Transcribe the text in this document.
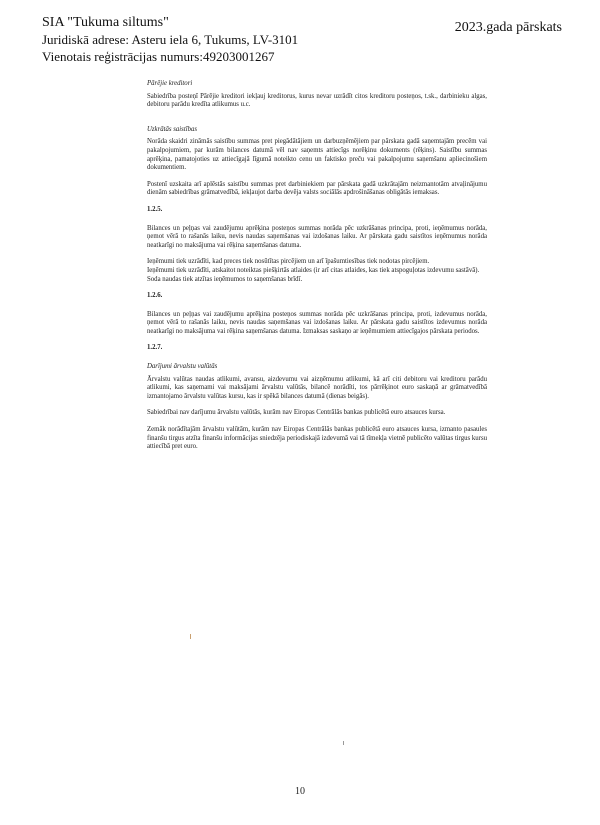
SIA "Tukuma siltums"
Juridiskā adrese: Asteru iela 6, Tukums, LV-3101
Vienotais reģistrācijas numurs:49203001267
2023.gada pārskats
Pārējie kreditori

Sabiedrība posteņī Pārējie kreditori iekļauj kreditorus, kurus nevar uzrādīt citos kreditoru posteņos, t.sk., darbinieku algas, debitoru parādu kredīta atlikumus u.c.

Uzkrātās saistības

Norāda skaidri zināmās saistību summas pret piegādātājiem un darbuzņēmējiem par pārskata gadā saņemtajām precēm vai pakalpojumiem, par kurām bilances datumā vēl nav saņemts attiecīgs norēķinu dokuments (rēķins). Saistību summas aprēķina, pamatojoties uz attiecīgajā līgumā noteikto cenu un faktisko preču vai pakalpojumu saņemšanu apliecinošiem dokumentiem.

Postenī uzskaita arī aplēstās saistību summas pret darbiniekiem par pārskata gadā uzkrātajām neizmantotām atvaļinājumu dienām sabiedrības grāmatvedībā, iekļaujot darba devēja valsts sociālās apdrošināšanas obligātās iemaksas.

1.2.5.

Bilances un peļņas vai zaudējumu aprēķina posteņos summas norāda pēc uzkrāšanas principa, proti, ieņēmumus norāda, ņemot vērā to rašanās laiku, nevis naudas saņemšanas vai izdošanas laiku. Ar pārskata gadu saistītos ieņēmumus norāda neatkarīgi no maksājuma vai rēķina saņemšanas datuma.

Ieņēmumi tiek uzrādīti, kad preces tiek nosūtītas pircējiem un arī īpašumtiesības tiek nodotas pircējiem.

Ieņēmumi tiek uzrādīti, atskaitot noteiktas piešķirtās atlaides (ir arī citas atlaides, kas tiek atspoguļotas izdevumu sastāvā).

Soda naudas tiek atzītas ieņēmumos to saņemšanas brīdī.

1.2.6.

Bilances un peļņas vai zaudējumu aprēķina posteņos summas norāda pēc uzkrāšanas principa, proti, izdevumus norāda, ņemot vērā to rašanās laiku, nevis naudas saņemšanas vai izdošanas laiku. Ar pārskata gadu saistītos izdevumus norāda neatkarīgi no maksājuma vai rēķina saņemšanas datuma. Izmaksas saskaņo ar ieņēmumiem attiecīgajos pārskata periodos.

1.2.7.
Darījumi ārvalstu valūtās

Ārvalstu valūtas naudas atlikumi, avansu, aizdevumu vai aizņēmumu atlikumi, kā arī citi debitoru vai kreditoru parādu atlikumi, kas saņemami vai maksājami ārvalstu valūtās, bilancē norādīti, tos pārrēķinot euro saskaņā ar grāmatvedībā izmantojamo ārvalstu valūtas kursu, kas ir spēkā bilances datumā (dienas beigās).

Sabiedrībai nav darījumu ārvalstu valūtās, kurām nav Eiropas Centrālās bankas publicētā euro atsauces kursa.

Zemāk norādītajām ārvalstu valūtām, kurām nav Eiropas Centrālās bankas publicētā euro atsauces kursa, izmanto pasaules finanšu tirgus atzīta finanšu informācijas sniedzēja periodiskajā izdevumā vai tā tīmekļa vietnē publicēto valūtas tirgus kursu attiecībā pret euro.

10
